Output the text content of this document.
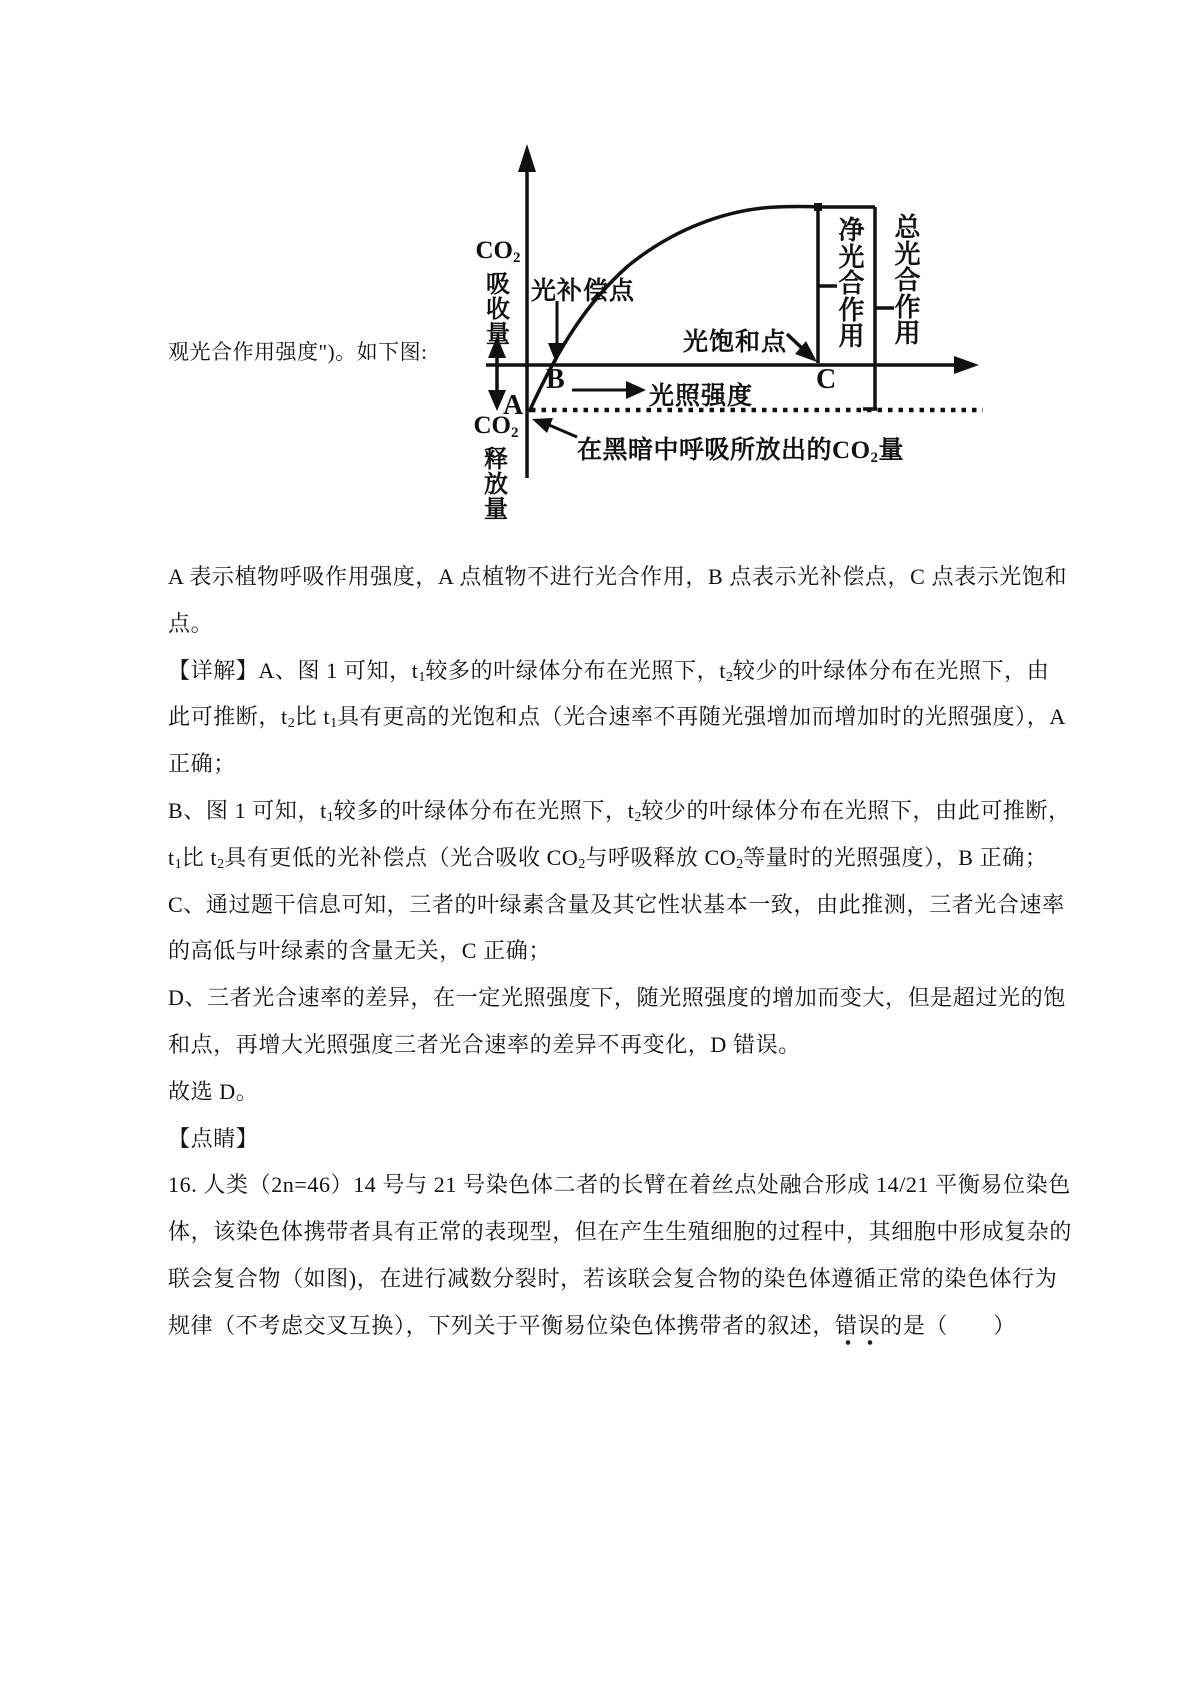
$CO_2$
吸收量
$CO_2$
释放量
A
B	C
光补偿点
光饱和点
光照强度
在黑暗中呼吸所放出的$CO_2$量
净光合作用
总光合作用
观光合作用强度")。如下图:
A 表示植物呼吸作用强度，A 点植物不进行光合作用，B 点表示光补偿点，C 点表示光饱和
点。
【详解】A、图 1 可知，$t_1$较多的叶绿体分布在光照下，$t_2$较少的叶绿体分布在光照下，由
此可推断，$t_2$比 $t_1$具有更高的光饱和点（光合速率不再随光强增加而增加时的光照强度），A
正确；
B、图 1 可知，$t_1$较多的叶绿体分布在光照下，$t_2$较少的叶绿体分布在光照下，由此可推断，
$t_1$比 $t_2$具有更低的光补偿点（光合吸收 $CO_2$与呼吸释放 $CO_2$等量时的光照强度），B 正确；
C、通过题干信息可知，三者的叶绿素含量及其它性状基本一致，由此推测，三者光合速率
的高低与叶绿素的含量无关，C 正确；
D、三者光合速率的差异，在一定光照强度下，随光照强度的增加而变大，但是超过光的饱
和点，再增大光照强度三者光合速率的差异不再变化，D 错误。
故选 D。
【点睛】
16. 人类（2n=46）14 号与 21 号染色体二者的长臂在着丝点处融合形成 14/21 平衡易位染色
体，该染色体携带者具有正常的表现型，但在产生生殖细胞的过程中，其细胞中形成复杂的
联会复合物（如图)，在进行减数分裂时，若该联会复合物的染色体遵循正常的染色体行为
规律（不考虑交叉互换），下列关于平衡易位染色体携带者的叙述，错误的是（　　）
